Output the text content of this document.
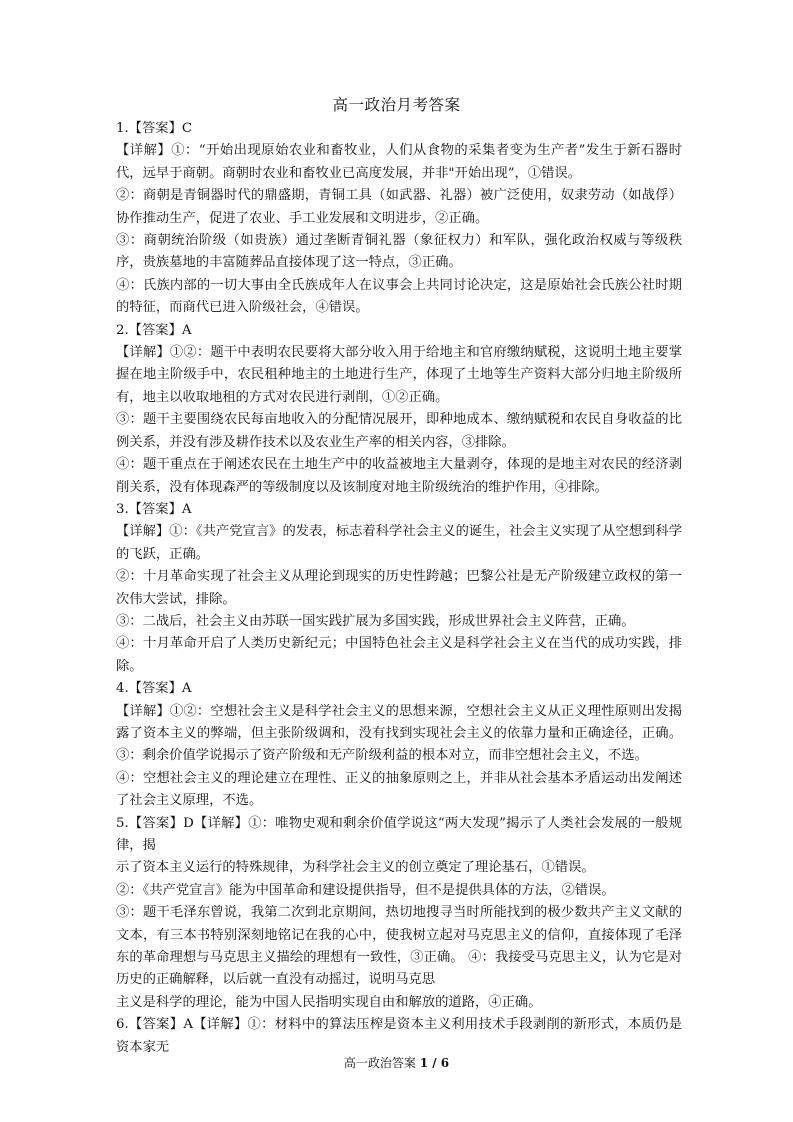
高一政治月考答案
1.【答案】C
【详解】①：“开始出现原始农业和畜牧业，人们从食物的采集者变为生产者”发生于新石器时代，远早于商朝。商朝时农业和畜牧业已高度发展，并非"开始出现”，①错误。
②：商朝是青铜器时代的鼎盛期，青铜工具（如武器、礼器）被广泛使用，奴隶劳动（如战俘）协作推动生产，促进了农业、手工业发展和文明进步，②正确。
③：商朝统治阶级（如贵族）通过垄断青铜礼器（象征权力）和军队，强化政治权威与等级秩序，贵族墓地的丰富随葬品直接体现了这一特点，③正确。
④：氏族内部的一切大事由全氏族成年人在议事会上共同讨论决定，这是原始社会氏族公社时期的特征，而商代已进入阶级社会，④错误。
2.【答案】A
【详解】①②：题干中表明农民要将大部分收入用于给地主和官府缴纳赋税，这说明土地主要掌握在地主阶级手中，农民租种地主的土地进行生产，体现了土地等生产资料大部分归地主阶级所有，地主以收取地租的方式对农民进行剥削，①②正确。
③：题干主要围绕农民每亩地收入的分配情况展开，即种地成本、缴纳赋税和农民自身收益的比例关系，并没有涉及耕作技术以及农业生产率的相关内容，③排除。
④：题干重点在于阐述农民在土地生产中的收益被地主大量剥夺，体现的是地主对农民的经济剥削关系，没有体现森严的等级制度以及该制度对地主阶级统治的维护作用，④排除。
3.【答案】A
【详解】①：《共产党宣言》的发表，标志着科学社会主义的诞生，社会主义实现了从空想到科学的飞跃，正确。
②：十月革命实现了社会主义从理论到现实的历史性跨越；巴黎公社是无产阶级建立政权的第一次伟大尝试，排除。
③：二战后，社会主义由苏联一国实践扩展为多国实践，形成世界社会主义阵营，正确。
④：十月革命开启了人类历史新纪元；中国特色社会主义是科学社会主义在当代的成功实践，排除。
4.【答案】A
【详解】①②：空想社会主义是科学社会主义的思想来源，空想社会主义从正义理性原则出发揭露了资本主义的弊端，但主张阶级调和，没有找到实现社会主义的依靠力量和正确途径，正确。 ③：剩余价值学说揭示了资产阶级和无产阶级利益的根本对立，而非空想社会主义，不选。
④：空想社会主义的理论建立在理性、正义的抽象原则之上，并非从社会基本矛盾运动出发阐述了社会主义原理，不选。
5.【答案】D【详解】①：唯物史观和剩余价值学说这“两大发现”揭示了人类社会发展的一般规律，揭
示了资本主义运行的特殊规律，为科学社会主义的创立奠定了理论基石，①错误。
②：《共产党宣言》能为中国革命和建设提供指导，但不是提供具体的方法，②错误。
③：题干毛泽东曾说，我第二次到北京期间，热切地搜寻当时所能找到的极少数共产主义文献的文本，有三本书特别深刻地铭记在我的心中，使我树立起对马克思主义的信仰，直接体现了毛泽东的革命理想与马克思主义描绘的理想有一致性，③正确。 ④：我接受马克思主义，认为它是对历史的正确解释，以后就一直没有动摇过，说明马克思
主义是科学的理论，能为中国人民指明实现自由和解放的道路，④正确。
6.【答案】A【详解】①：材料中的算法压榨是资本主义利用技术手段剥削的新形式，本质仍是资本家无
高一政治答案 1 / 6
